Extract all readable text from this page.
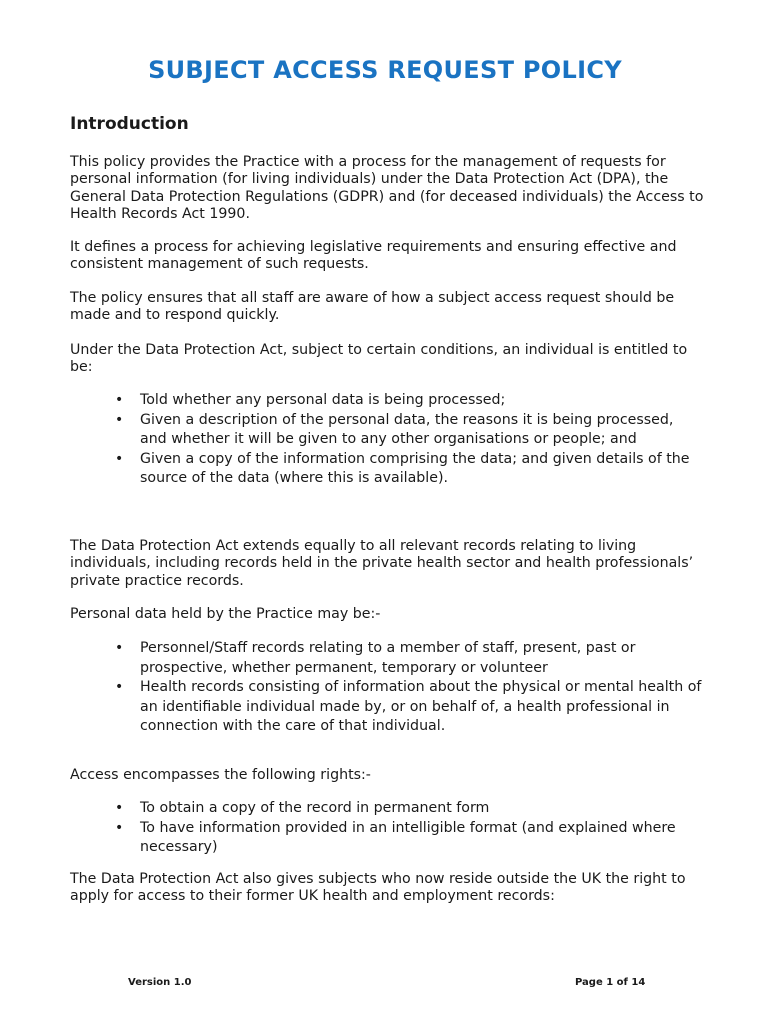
SUBJECT ACCESS REQUEST POLICY
Introduction

This policy provides the Practice with a process for the management of requests for personal information (for living individuals) under the Data Protection Act (DPA), the General Data Protection Regulations (GDPR) and (for deceased individuals) the Access to Health Records Act 1990.

It defines a process for achieving legislative requirements and ensuring effective and consistent management of such requests.

The policy ensures that all staff are aware of how a subject access request should be made and to respond quickly.

Under the Data Protection Act, subject to certain conditions, an individual is entitled to be:

• Told whether any personal data is being processed;
• Given a description of the personal data, the reasons it is being processed,
and whether it will be given to any other organisations or people; and
• Given a copy of the information comprising the data; and given details of the source of the data (where this is available).

The Data Protection Act extends equally to all relevant records relating to living individuals, including records held in the private health sector and health professionals’ private practice records.

Personal data held by the Practice may be:-

• Personnel/Staff records relating to a member of staff, present, past or prospective, whether permanent, temporary or volunteer
• Health records consisting of information about the physical or mental health of an identifiable individual made by, or on behalf of, a health professional in connection with the care of that individual.

Access encompasses the following rights:-

• To obtain a copy of the record in permanent form
• To have information provided in an intelligible format (and explained where necessary)

The Data Protection Act also gives subjects who now reside outside the UK the right to apply for access to their former UK health and employment records:

Version 1.0	Page 1 of 14
